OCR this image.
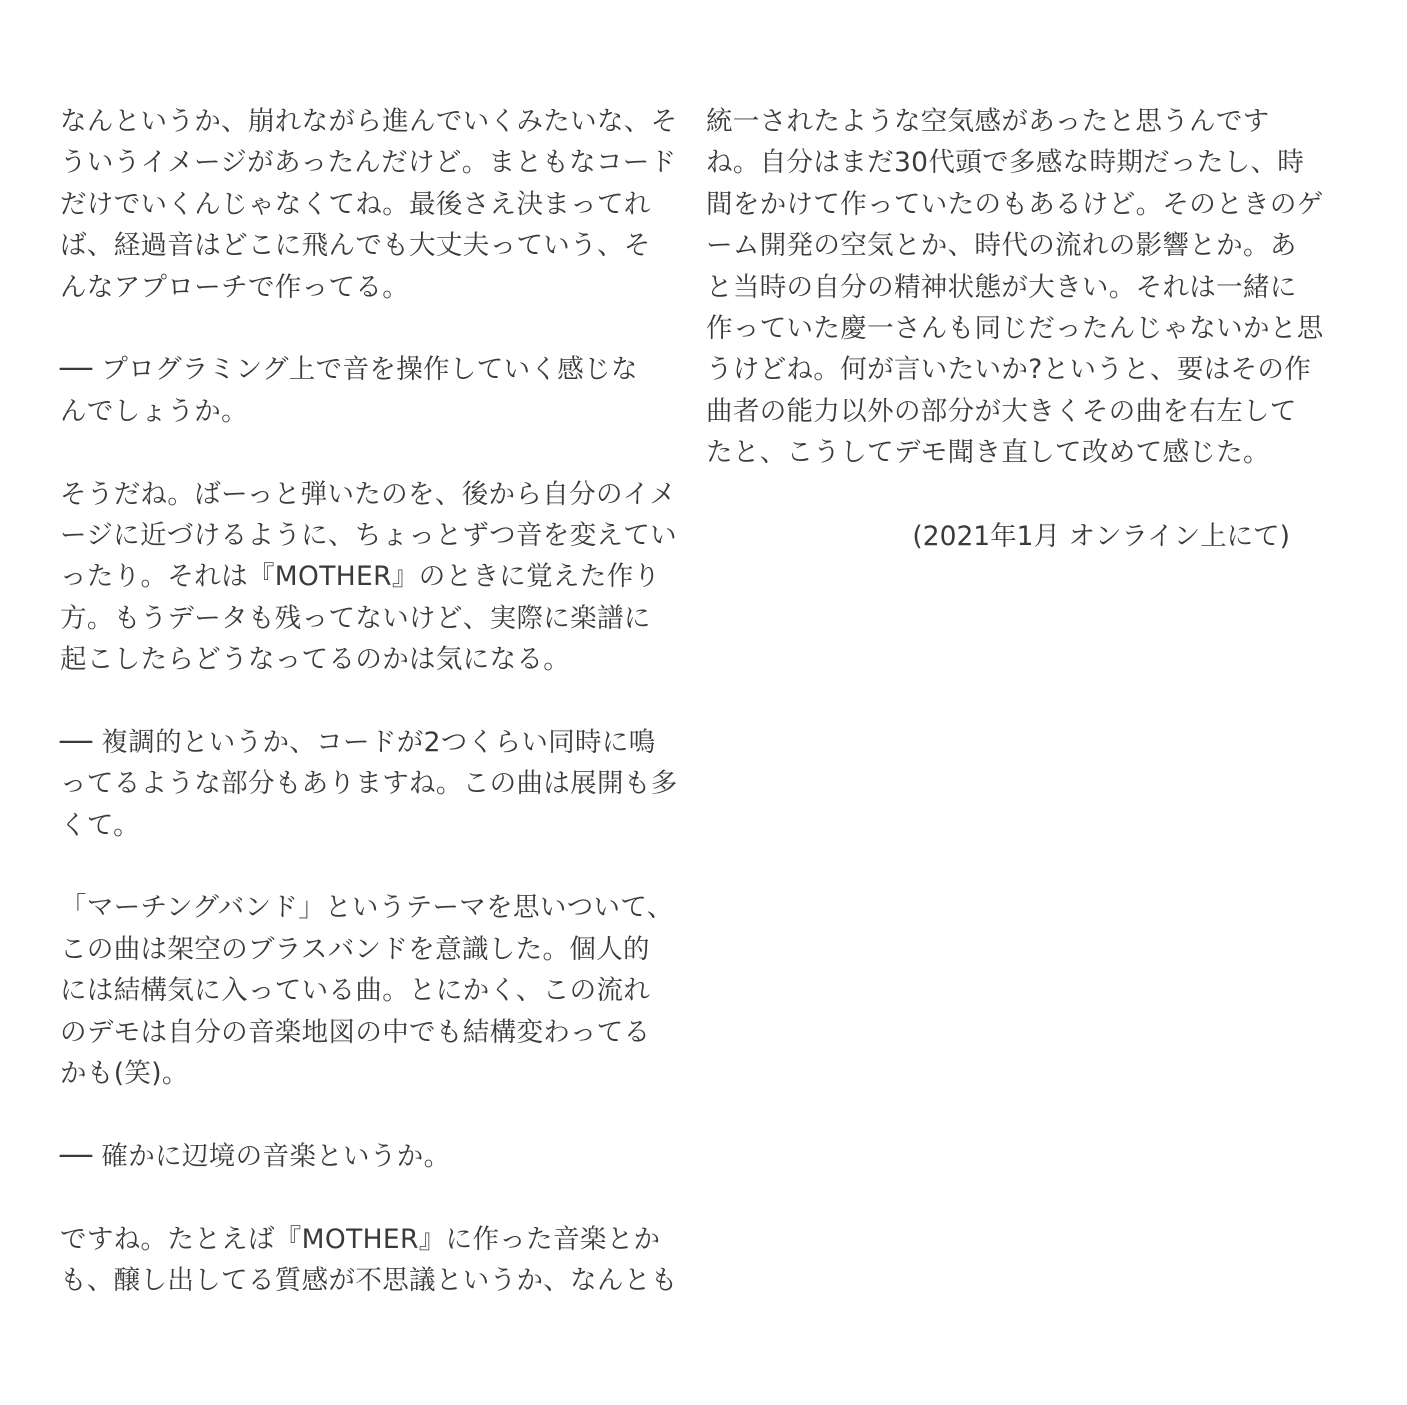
なんというか、崩れながら進んでいくみたいな、そ
ういうイメージがあったんだけど。まともなコード
だけでいくんじゃなくてね。最後さえ決まってれ
ば、経過音はどこに飛んでも大丈夫っていう、そ
んなアプローチで作ってる。
── プログラミング上で音を操作していく感じな
んでしょうか。
そうだね。ばーっと弾いたのを、後から自分のイメ
ージに近づけるように、ちょっとずつ音を変えてい
ったり。それは『MOTHER』のときに覚えた作り
方。もうデータも残ってないけど、実際に楽譜に
起こしたらどうなってるのかは気になる。
── 複調的というか、コードが2つくらい同時に鳴
ってるような部分もありますね。この曲は展開も多
くて。
「マーチングバンド」というテーマを思いついて、
この曲は架空のブラスバンドを意識した。個人的
には結構気に入っている曲。とにかく、この流れ
のデモは自分の音楽地図の中でも結構変わってる
かも(笑)。
── 確かに辺境の音楽というか。
ですね。たとえば『MOTHER』に作った音楽とか
も、醸し出してる質感が不思議というか、なんとも
統一されたような空気感があったと思うんです
ね。自分はまだ30代頭で多感な時期だったし、時
間をかけて作っていたのもあるけど。そのときのゲ
ーム開発の空気とか、時代の流れの影響とか。あ
と当時の自分の精神状態が大きい。それは一緒に
作っていた慶一さんも同じだったんじゃないかと思
うけどね。何が言いたいか?というと、要はその作
曲者の能力以外の部分が大きくその曲を右左して
たと、こうしてデモ聞き直して改めて感じた。
(2021年1月 オンライン上にて)
